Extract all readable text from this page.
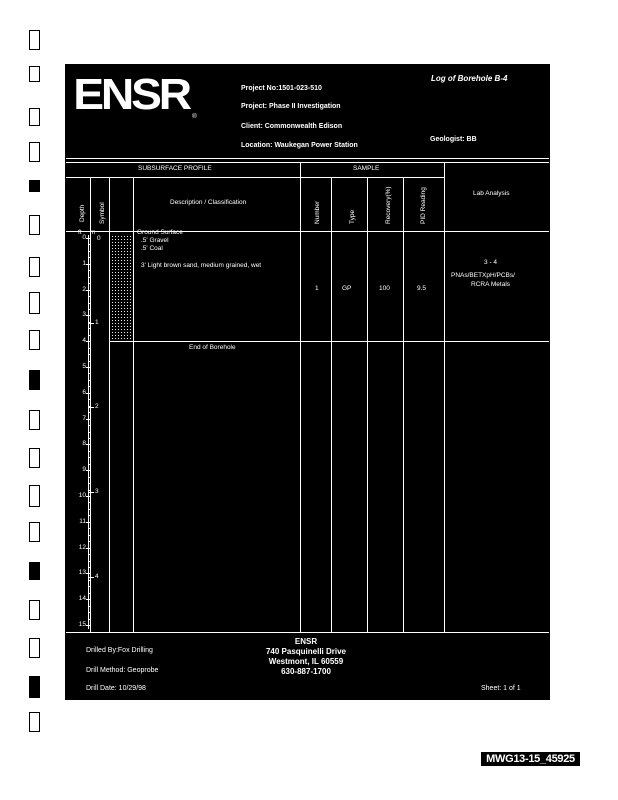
ENSR ®
Log of Borehole B-4
Project No:1501-023-510
Project: Phase II Investigation
Client: Commonwealth Edison
Location: Waukegan Power Station
Geologist: BB
SUBSURFACE PROFILE	SAMPLE
Depth Symbol	Description / Classification	Number	Type	Recovery(%)	PID Reading	Lab Analysis
ft m
0
Ground Surface
.5' Gravel
.5' Coal
3' Light brown sand, medium grained, wet
End of Borehole
1	GP	100	9.5
3 - 4
PNAs/BETXpH/PCBs/
RCRA Metals
Drilled By:Fox Drilling
Drill Method: Geoprobe
Drill Date: 10/29/98
ENSR
740 Pasquinelli Drive
Westmont, IL 60559
630-887-1700
Sheet: 1 of 1
0
1
2
3
4
5
6
7
8
9
10
11
12
13
14
15
1
2
3
4
MWG13-15_45925
